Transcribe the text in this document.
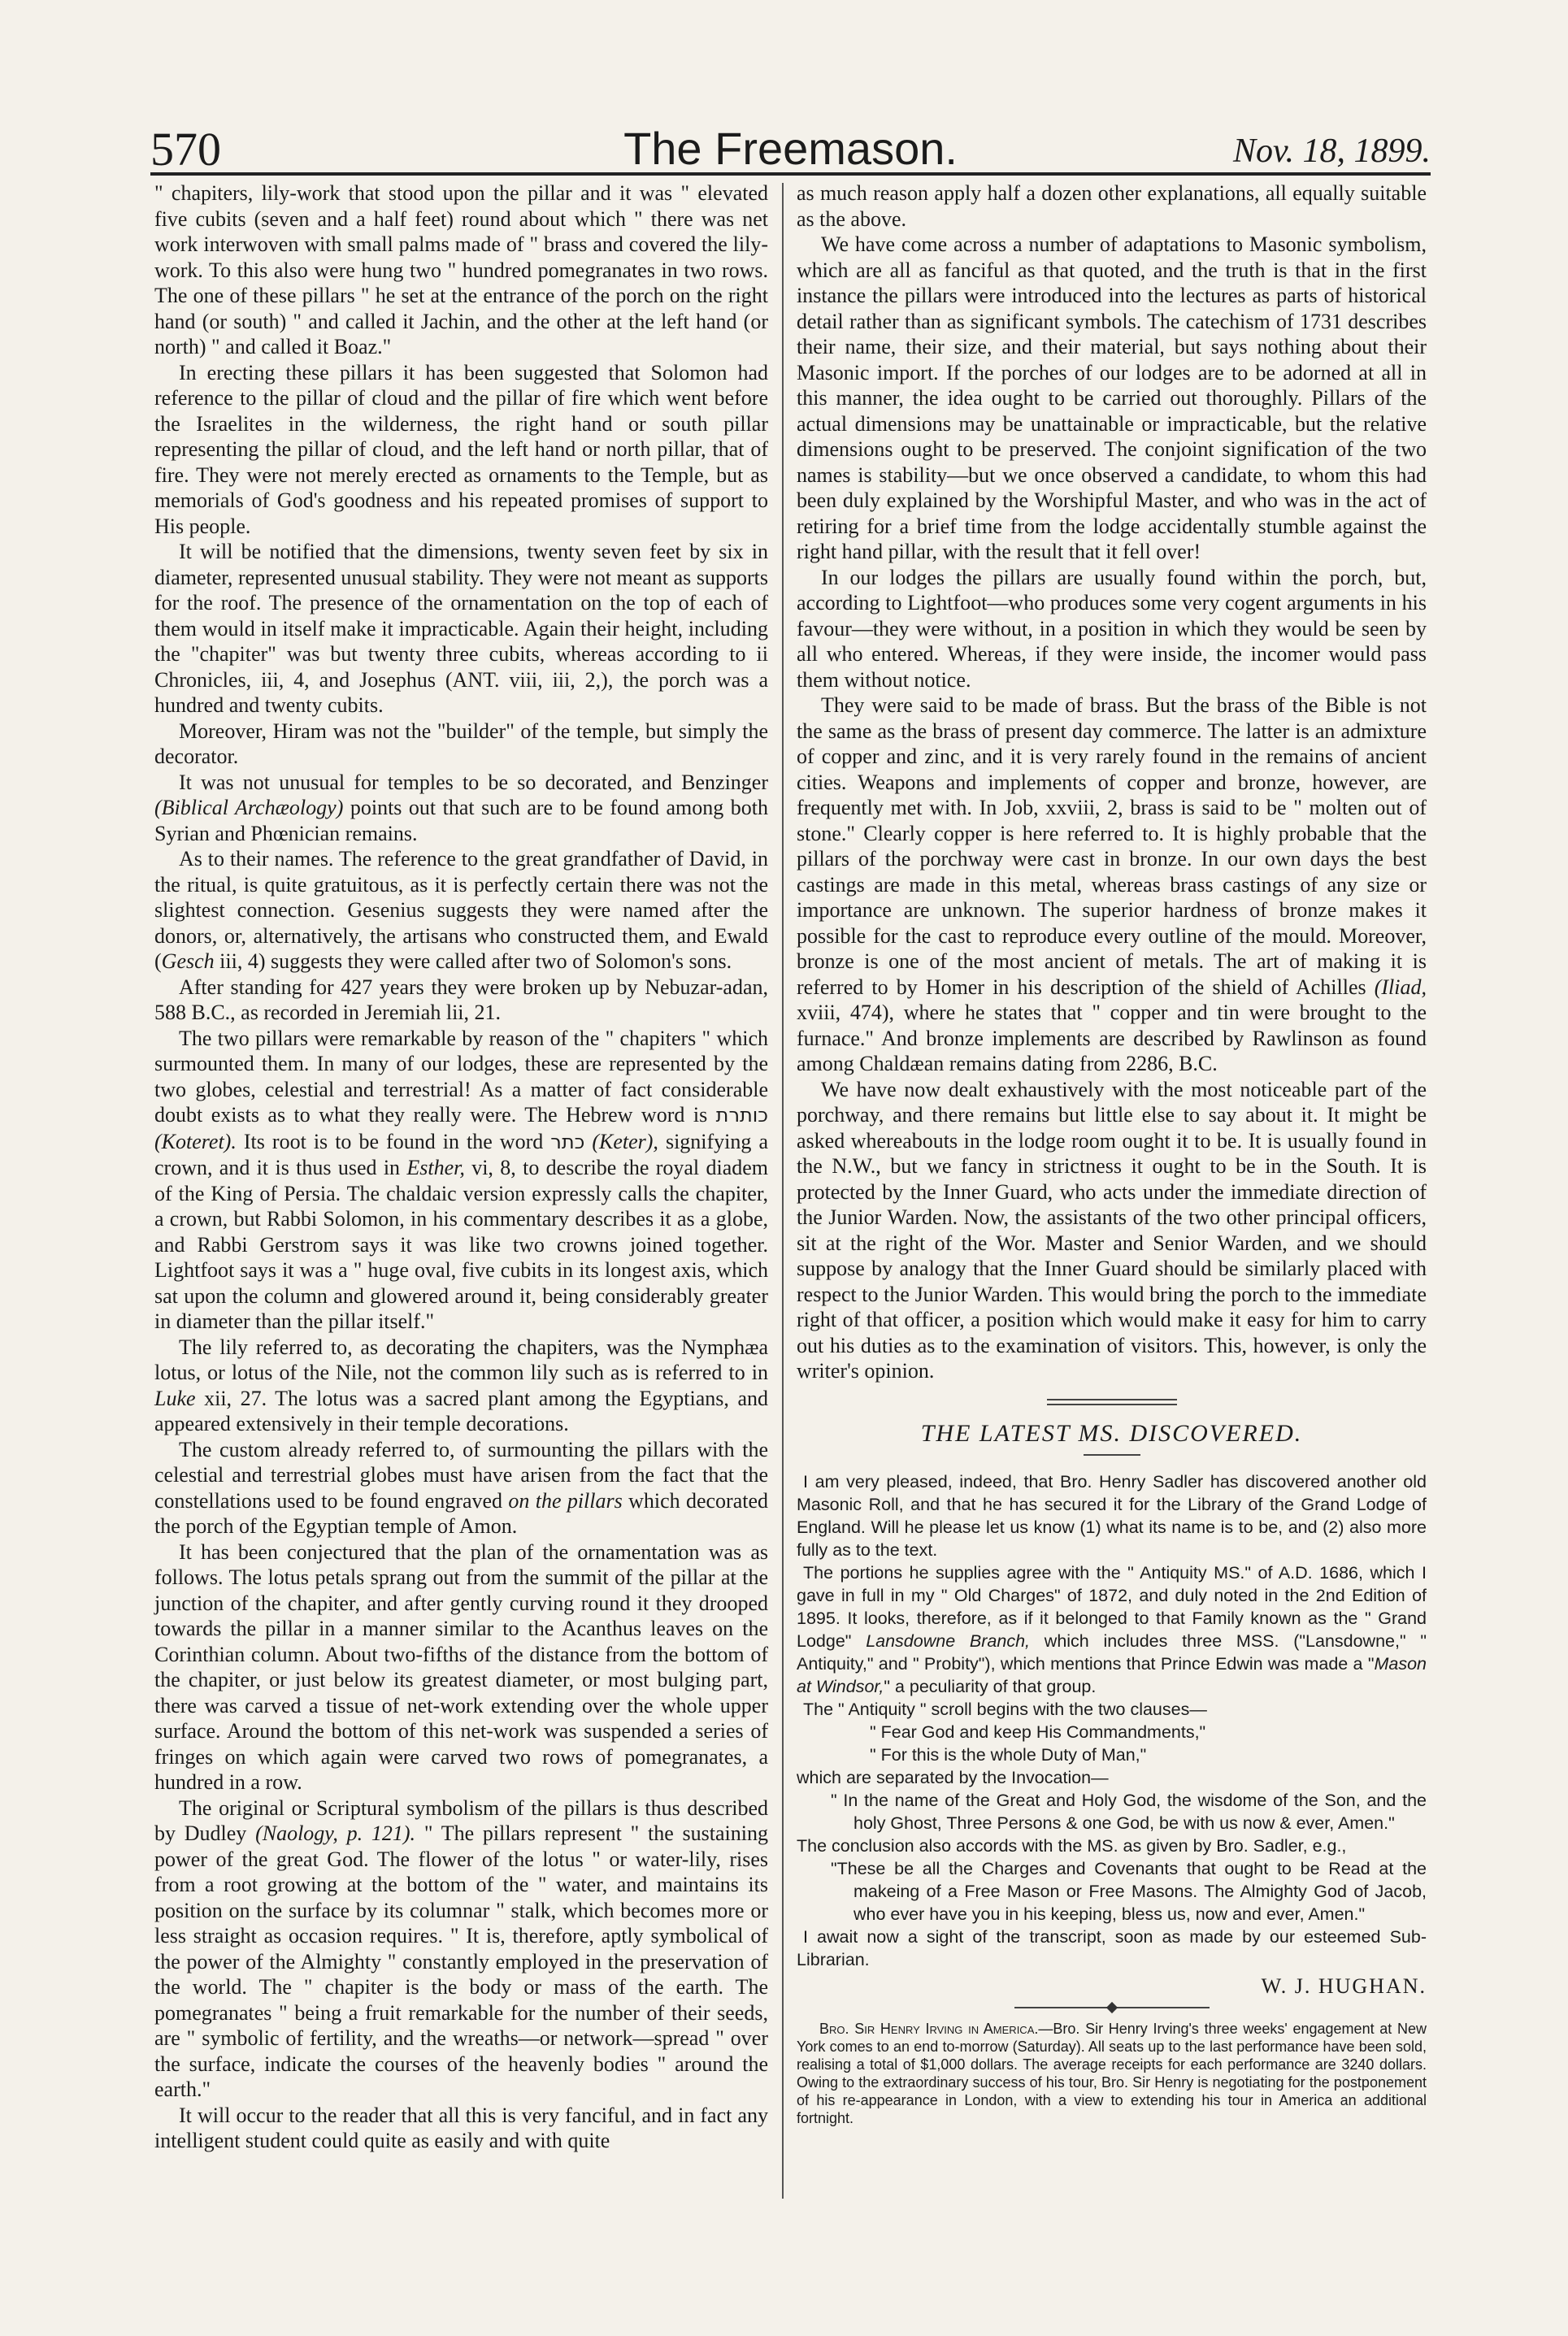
570	The Freemason.	Nov. 18, 1899.

" chapiters, lily-work that stood upon the pillar and it was " elevated five cubits (seven and a half feet) round about which " there was net work interwoven with small palms made of " brass and covered the lily-work. To this also were hung two " hundred pomegranates in two rows. The one of these pillars " he set at the entrance of the porch on the right hand (or south) " and called it Jachin, and the other at the left hand (or north) " and called it Boaz."

In erecting these pillars it has been suggested that Solomon had reference to the pillar of cloud and the pillar of fire which went before the Israelites in the wilderness, the right hand or south pillar representing the pillar of cloud, and the left hand or north pillar, that of fire. They were not merely erected as ornaments to the Temple, but as memorials of God's goodness and his repeated promises of support to His people.

It will be notified that the dimensions, twenty seven feet by six in diameter, represented unusual stability. They were not meant as supports for the roof. The presence of the ornamentation on the top of each of them would in itself make it impracticable. Again their height, including the "chapiter" was but twenty three cubits, whereas according to ii Chronicles, iii, 4, and Josephus (ANT. viii, iii, 2,), the porch was a hundred and twenty cubits.

Moreover, Hiram was not the "builder" of the temple, but simply the decorator.

It was not unusual for temples to be so decorated, and Benzinger (Biblical Archæology) points out that such are to be found among both Syrian and Phœnician remains.

As to their names. The reference to the great grandfather of David, in the ritual, is quite gratuitous, as it is perfectly certain there was not the slightest connection. Gesenius suggests they were named after the donors, or, alternatively, the artisans who constructed them, and Ewald (Gesch iii, 4) suggests they were called after two of Solomon's sons.

After standing for 427 years they were broken up by Nebuzar-adan, 588 B.C., as recorded in Jeremiah lii, 21.

The two pillars were remarkable by reason of the " chapiters " which surmounted them. In many of our lodges, these are represented by the two globes, celestial and terrestrial! As a matter of fact considerable doubt exists as to what they really were. The Hebrew word is כותרת (Koteret). Its root is to be found in the word כתר (Keter), signifying a crown, and it is thus used in Esther, vi, 8, to describe the royal diadem of the King of Persia. The chaldaic version expressly calls the chapiter, a crown, but Rabbi Solomon, in his commentary describes it as a globe, and Rabbi Gerstrom says it was like two crowns joined together. Lightfoot says it was a " huge oval, five cubits in its longest axis, which sat upon the column and glowered around it, being considerably greater in diameter than the pillar itself."

The lily referred to, as decorating the chapiters, was the Nymphæa lotus, or lotus of the Nile, not the common lily such as is referred to in Luke xii, 27. The lotus was a sacred plant among the Egyptians, and appeared extensively in their temple decorations.

The custom already referred to, of surmounting the pillars with the celestial and terrestrial globes must have arisen from the fact that the constellations used to be found engraved on the pillars which decorated the porch of the Egyptian temple of Amon.

It has been conjectured that the plan of the ornamentation was as follows. The lotus petals sprang out from the summit of the pillar at the junction of the chapiter, and after gently curving round it they drooped towards the pillar in a manner similar to the Acanthus leaves on the Corinthian column. About two-fifths of the distance from the bottom of the chapiter, or just below its greatest diameter, or most bulging part, there was carved a tissue of net-work extending over the whole upper surface. Around the bottom of this net-work was suspended a series of fringes on which again were carved two rows of pomegranates, a hundred in a row.

The original or Scriptural symbolism of the pillars is thus described by Dudley (Naology, p. 121). " The pillars represent " the sustaining power of the great God. The flower of the lotus " or water-lily, rises from a root growing at the bottom of the " water, and maintains its position on the surface by its columnar " stalk, which becomes more or less straight as occasion requires. " It is, therefore, aptly symbolical of the power of the Almighty " constantly employed in the preservation of the world. The " chapiter is the body or mass of the earth. The pomegranates " being a fruit remarkable for the number of their seeds, are " symbolic of fertility, and the wreaths—or network—spread " over the surface, indicate the courses of the heavenly bodies " around the earth."

It will occur to the reader that all this is very fanciful, and in fact any intelligent student could quite as easily and with quite

as much reason apply half a dozen other explanations, all equally suitable as the above.

We have come across a number of adaptations to Masonic symbolism, which are all as fanciful as that quoted, and the truth is that in the first instance the pillars were introduced into the lectures as parts of historical detail rather than as significant symbols. The catechism of 1731 describes their name, their size, and their material, but says nothing about their Masonic import. If the porches of our lodges are to be adorned at all in this manner, the idea ought to be carried out thoroughly. Pillars of the actual dimensions may be unattainable or impracticable, but the relative dimensions ought to be preserved. The conjoint signification of the two names is stability—but we once observed a candidate, to whom this had been duly explained by the Worshipful Master, and who was in the act of retiring for a brief time from the lodge accidentally stumble against the right hand pillar, with the result that it fell over!

In our lodges the pillars are usually found within the porch, but, according to Lightfoot—who produces some very cogent arguments in his favour—they were without, in a position in which they would be seen by all who entered. Whereas, if they were inside, the incomer would pass them without notice.

They were said to be made of brass. But the brass of the Bible is not the same as the brass of present day commerce. The latter is an admixture of copper and zinc, and it is very rarely found in the remains of ancient cities. Weapons and implements of copper and bronze, however, are frequently met with. In Job, xxviii, 2, brass is said to be " molten out of stone." Clearly copper is here referred to. It is highly probable that the pillars of the porchway were cast in bronze. In our own days the best castings are made in this metal, whereas brass castings of any size or importance are unknown. The superior hardness of bronze makes it possible for the cast to reproduce every outline of the mould. Moreover, bronze is one of the most ancient of metals. The art of making it is referred to by Homer in his description of the shield of Achilles (Iliad, xviii, 474), where he states that " copper and tin were brought to the furnace." And bronze implements are described by Rawlinson as found among Chaldæan remains dating from 2286, B.C.

We have now dealt exhaustively with the most noticeable part of the porchway, and there remains but little else to say about it. It might be asked whereabouts in the lodge room ought it to be. It is usually found in the N.W., but we fancy in strictness it ought to be in the South. It is protected by the Inner Guard, who acts under the immediate direction of the Junior Warden. Now, the assistants of the two other principal officers, sit at the right of the Wor. Master and Senior Warden, and we should suppose by analogy that the Inner Guard should be similarly placed with respect to the Junior Warden. This would bring the porch to the immediate right of that officer, a position which would make it easy for him to carry out his duties as to the examination of visitors. This, however, is only the writer's opinion.

THE LATEST MS. DISCOVERED.

I am very pleased, indeed, that Bro. Henry Sadler has discovered another old Masonic Roll, and that he has secured it for the Library of the Grand Lodge of England. Will he please let us know (1) what its name is to be, and (2) also more fully as to the text.

The portions he supplies agree with the " Antiquity MS." of A.D. 1686, which I gave in full in my " Old Charges" of 1872, and duly noted in the 2nd Edition of 1895. It looks, therefore, as if it belonged to that Family known as the " Grand Lodge" Lansdowne Branch, which includes three MSS. ("Lansdowne," " Antiquity," and " Probity"), which mentions that Prince Edwin was made a "Mason at Windsor," a peculiarity of that group.

The " Antiquity " scroll begins with the two clauses—

" Fear God and keep His Commandments,"

" For this is the whole Duty of Man,"

which are separated by the Invocation—

" In the name of the Great and Holy God, the wisdome of the Son, and the holy Ghost, Three Persons & one God, be with us now & ever, Amen."

The conclusion also accords with the MS. as given by Bro. Sadler, e.g.,

"These be all the Charges and Covenants that ought to be Read at the makeing of a Free Mason or Free Masons. The Almighty God of Jacob, who ever have you in his keeping, bless us, now and ever, Amen."

I await now a sight of the transcript, soon as made by our esteemed Sub-Librarian.

W. J. HUGHAN.

Bro. Sir Henry Irving in America.—Bro. Sir Henry Irving's three weeks' engagement at New York comes to an end to-morrow (Saturday). All seats up to the last performance have been sold, realising a total of $1,000 dollars. The average receipts for each performance are 3240 dollars. Owing to the extraordinary success of his tour, Bro. Sir Henry is negotiating for the postponement of his re-appearance in London, with a view to extending his tour in America an additional fortnight.
